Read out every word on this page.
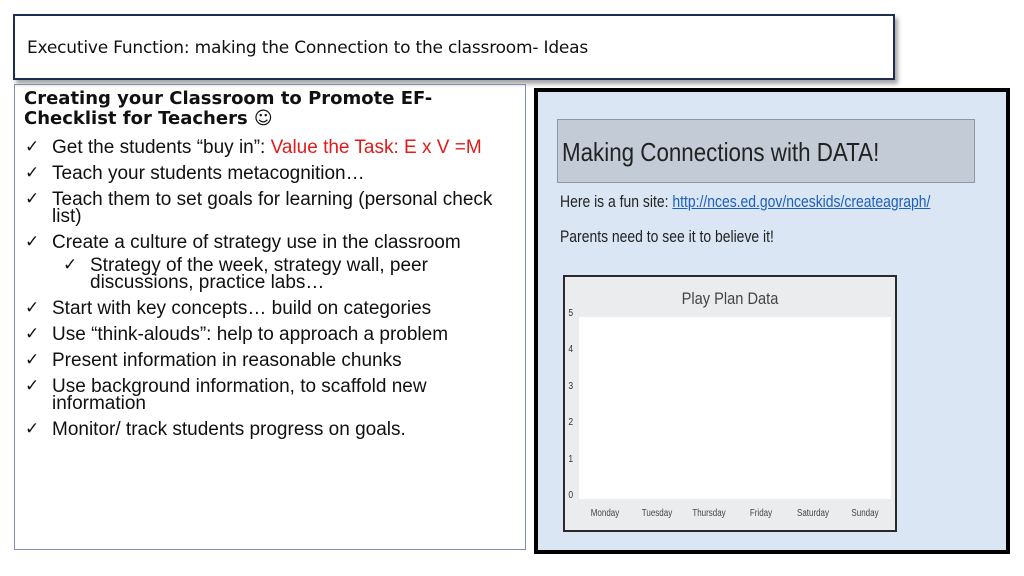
Executive Function: making the Connection to the classroom- Ideas
Creating your Classroom to Promote EF- Checklist for Teachers ☺
✓ Get the students “buy in”: Value the Task: E x V =M
✓ Teach your students metacognition…
✓ Teach them to set goals for learning (personal check list)
✓ Create a culture of strategy use in the classroom
✓ Strategy of the week, strategy wall, peer discussions, practice labs…
✓ Start with key concepts… build on categories
✓ Use “think-alouds”: help to approach a problem
✓ Present information in reasonable chunks
✓ Use background information, to scaffold new information
✓ Monitor/ track students progress on goals.
Making Connections with DATA!
Here is a fun site: http://nces.ed.gov/nceskids/createagraph/
Parents need to see it to believe it!
Play Plan Data
0
1
2
3
4
5
Monday Tuesday Thursday Friday Saturday Sunday
